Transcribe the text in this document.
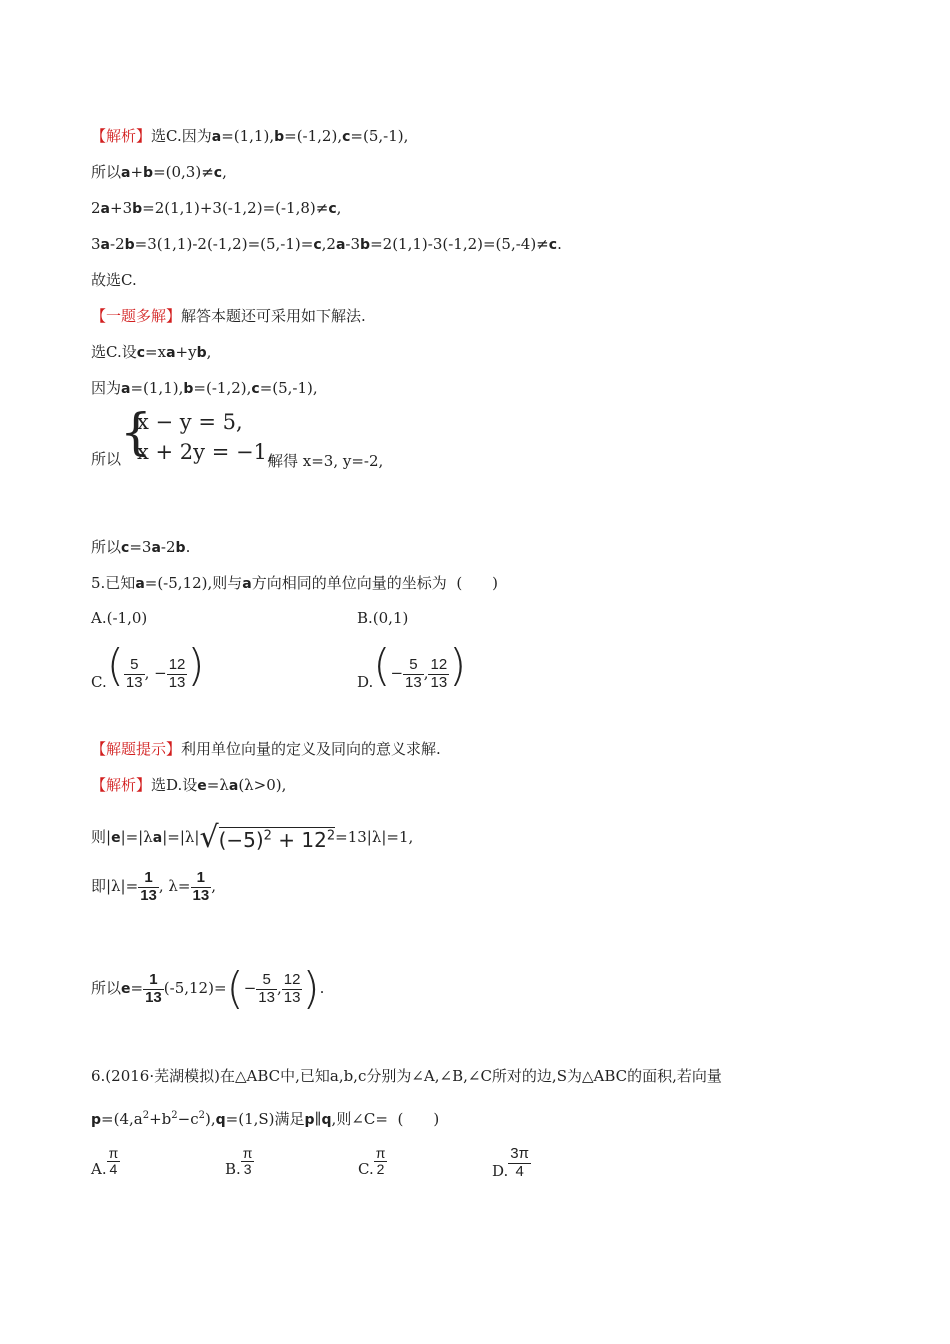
【解析】选C.因为a=(1,1),b=(-1,2),c=(5,-1),
所以a+b=(0,3)≠c,
2a+3b=2(1,1)+3(-1,2)=(-1,8)≠c,
3a-2b=3(1,1)-2(-1,2)=(5,-1)=c,2a-3b=2(1,1)-3(-1,2)=(5,-4)≠c.
故选C.
【一题多解】解答本题还可采用如下解法.
选C.设c=xa+yb,
因为a=(1,1),b=(-1,2),c=(5,-1),
所以
{
x − y = 5,
x + 2y = −1,
解得 x=3, y=-2,
所以c=3a-2b.
5.已知a=(-5,12),则与a方向相同的单位向量的坐标为 (　　)
A.(-1,0)	B.(0,1)
$C.( \frac{5}{13}$ , − $\frac{12}{13}$ )	$D.(- \frac{5}{13}$ , $\frac{12}{13}$ )
【解题提示】利用单位向量的定义及同向的意义求解.
【解析】选D.设e=λa(λ>0),
则$|e|=|\lambda a|=|\lambda|√(-5)^2 + 12^2=13|\lambda|=1$,
即$|\lambda|= \frac{1}{13}$ , $\lambda= \frac{1}{13}$ ,
所以$e= \frac{1}{13} (-5,12)=(- \frac{5}{13}$ , $\frac{12}{13}$ ).
6.(2016·芜湖模拟)在△ABC中,已知a,b,c分别为∠A,∠B,∠C所对的边,S为△ABC的面积,若向量
$p=(4,a^2+b^2-c^2),q=(1,S)$满足p∥q,则∠C= (　　)
A. $\frac{\pi}{4}$	B. $\frac{\pi}{3}$	C. $\frac{\pi}{2}$	D. $\frac{3\pi}{4}$
